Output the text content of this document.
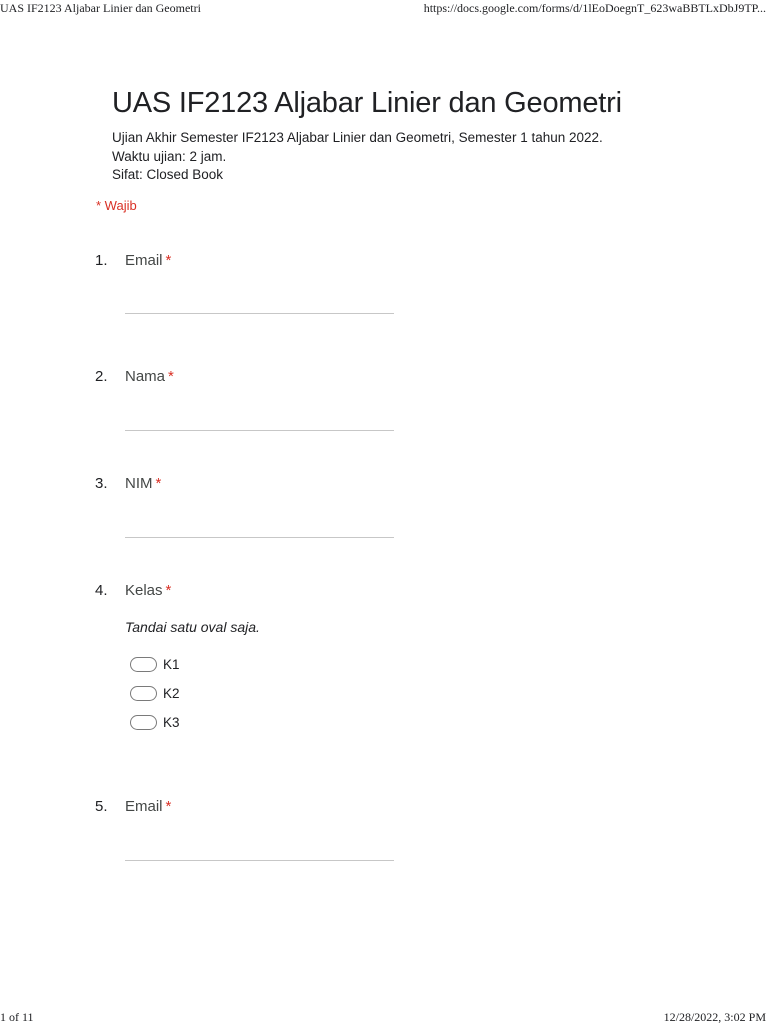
UAS IF2123 Aljabar Linier dan Geometri	https://docs.google.com/forms/d/1lEoDoegnT_623waBBTLxDbJ9TP...
UAS IF2123 Aljabar Linier dan Geometri
Ujian Akhir Semester IF2123 Aljabar Linier dan Geometri, Semester 1 tahun 2022.
Waktu ujian: 2 jam.
Sifat: Closed Book
* Wajib
1. Email *
2. Nama *
3. NIM *
4. Kelas *
Tandai satu oval saja.
K1
K2
K3
5. Email *
1 of 11	12/28/2022, 3:02 PM
